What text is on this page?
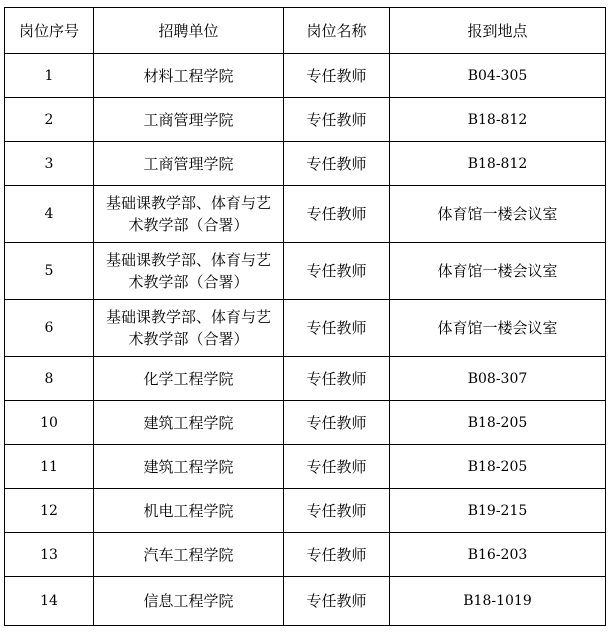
岗位序号	招聘单位	岗位名称	报到地点
1	材料工程学院	专任教师	B04-305
2	工商管理学院	专任教师	B18-812
3	工商管理学院	专任教师	B18-812
4	基础课教学部、体育与艺术教学部（合署）	专任教师	体育馆一楼会议室
5	基础课教学部、体育与艺术教学部（合署）	专任教师	体育馆一楼会议室
6	基础课教学部、体育与艺术教学部（合署）	专任教师	体育馆一楼会议室
8	化学工程学院	专任教师	B08-307
10	建筑工程学院	专任教师	B18-205
11	建筑工程学院	专任教师	B18-205
12	机电工程学院	专任教师	B19-215
13	汽车工程学院	专任教师	B16-203
14	信息工程学院	专任教师	B18-1019
